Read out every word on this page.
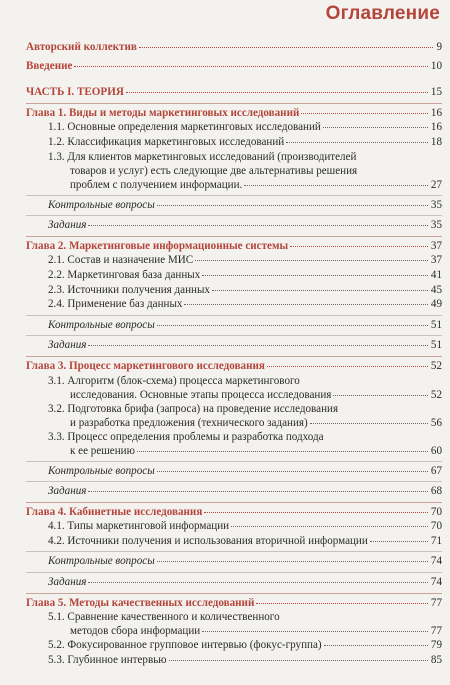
Оглавление
Авторский коллектив	9
Введение	10
ЧАСТЬ I. ТЕОРИЯ	15
Глава 1. Виды и методы маркетинговых исследований	16
1.1. Основные определения маркетинговых исследований	16
1.2. Классификация маркетинговых исследований	18
1.3. Для клиентов маркетинговых исследований (производителей
товаров и услуг) есть следующие две альтернативы решения
проблем с получением информации.	27
Контрольные вопросы	35
Задания	35
Глава 2. Маркетинговые информационные системы	37
2.1. Состав и назначение МИС	37
2.2. Маркетинговая база данных	41
2.3. Источники получения данных	45
2.4. Применение баз данных	49
Контрольные вопросы	51
Задания	51
Глава 3. Процесс маркетингового исследования	52
3.1. Алгоритм (блок-схема) процесса маркетингового
исследования. Основные этапы процесса исследования	52
3.2. Подготовка брифа (запроса) на проведение исследования
и разработка предложения (технического задания)	56
3.3. Процесс определения проблемы и разработка подхода
к ее решению	60
Контрольные вопросы	67
Задания	68
Глава 4. Кабинетные исследования	70
4.1. Типы маркетинговой информации	70
4.2. Источники получения и использования вторичной информации	71
Контрольные вопросы	74
Задания	74
Глава 5. Методы качественных исследований	77
5.1. Сравнение качественного и количественного
методов сбора информации	77
5.2. Фокусированное групповое интервью (фокус-группа)	79
5.3. Глубинное интервью	85
